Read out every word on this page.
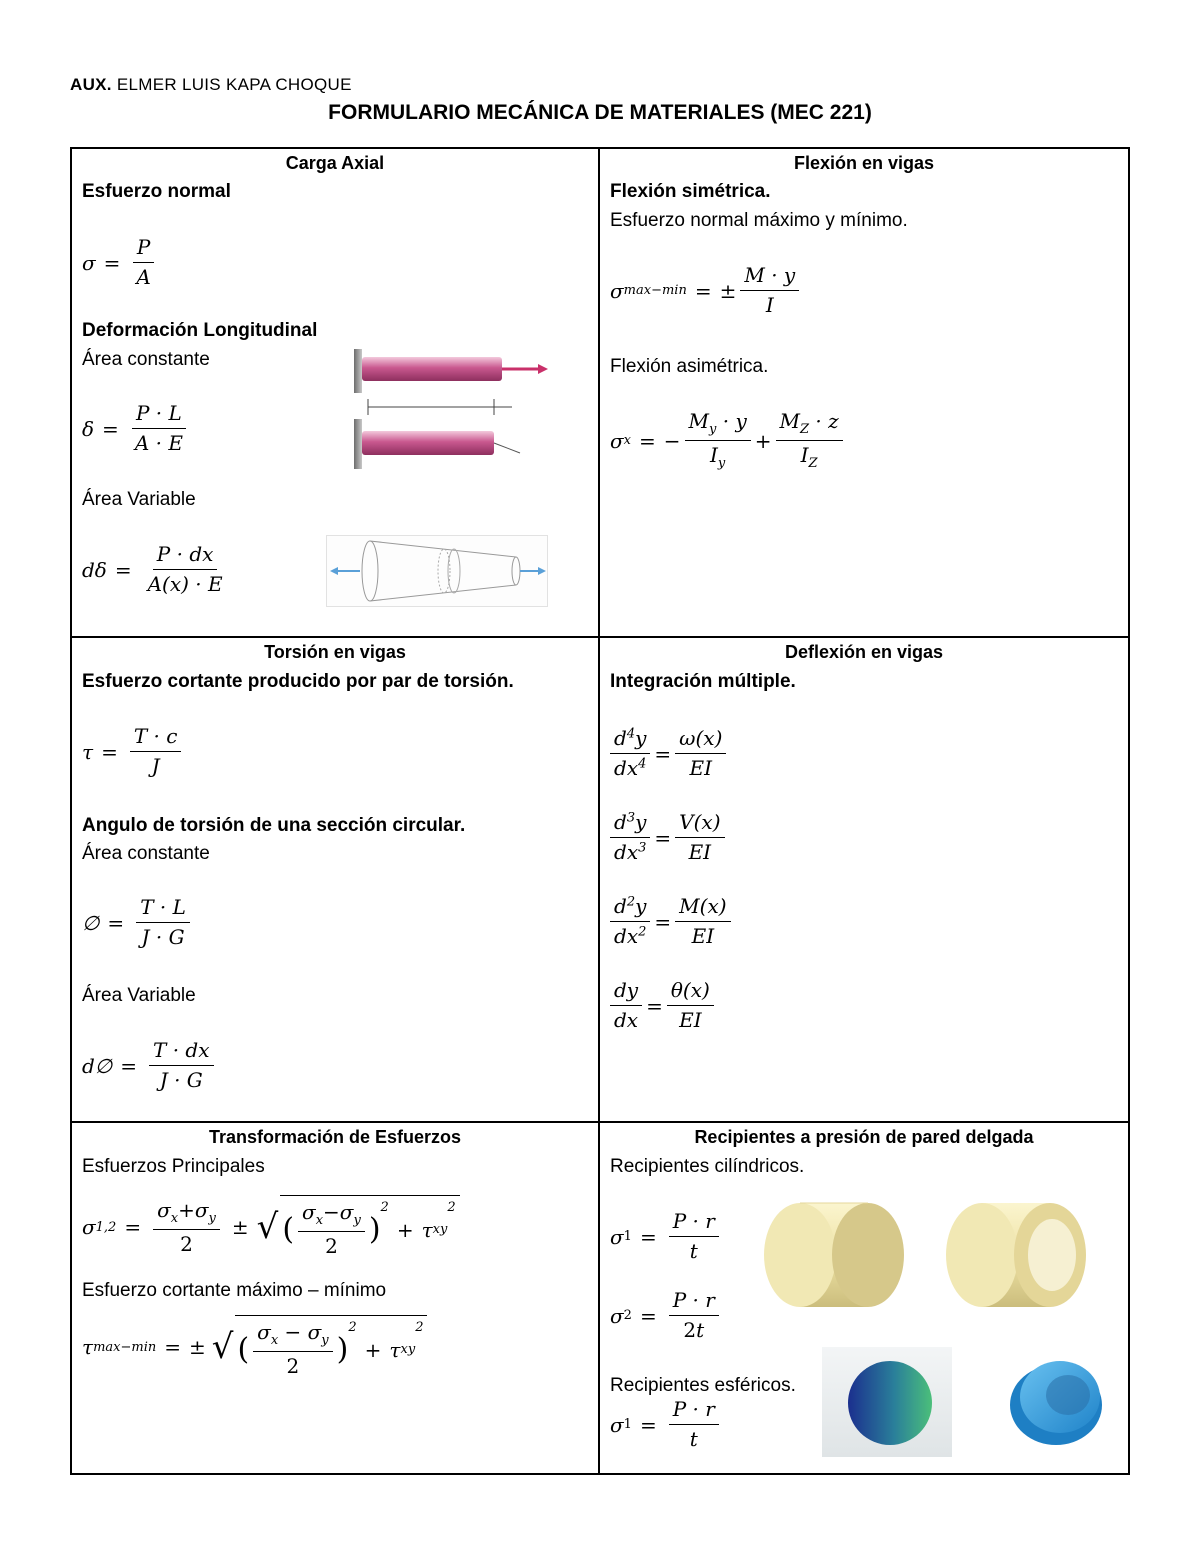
AUX. ELMER LUIS KAPA CHOQUE
FORMULARIO MECÁNICA DE MATERIALES (MEC 221)
Carga Axial
Esfuerzo normal
$\sigma = \frac{P}{A}$
Deformación Longitudinal
Área constante
$\delta = \frac{P \cdot L}{A \cdot E}$
Área Variable
$d\delta = \frac{P \cdot dx}{A(x) \cdot E}$
Flexión en vigas
Flexión simétrica.
Esfuerzo normal máximo y mínimo.
σ max−min = ± $\frac{M \cdot y}{I}$
Flexión asimétrica.
σ x = − $\frac{M_y \cdot y}{I_y} + \frac{M_Z \cdot z}{I_Z}$
Torsión en vigas
Esfuerzo cortante producido por par de torsión.
$\tau = \frac{T \cdot c}{J}$
Angulo de torsión de una sección circular.
Área constante
∅ = $\frac{T \cdot L}{J \cdot G}$
Área Variable
d∅ = $\frac{T \cdot dx}{J \cdot G}$
Deflexión en vigas
Integración múltiple.
$\frac{d^4y}{dx^4} = \frac{\omega(x)}{EI}$
$\frac{d^3y}{dx^3} = \frac{V(x)}{EI}$
$\frac{d^2y}{dx^2} = \frac{M(x)}{EI}$
$\frac{dy}{dx} = \frac{\theta(x)}{EI}$
Transformación de Esfuerzos
Esfuerzos Principales
σ $1,2 = \frac{\sigma_x+\sigma_y}{2}$ ± √ ( $\frac{\sigma_x-\sigma_y}{2}$ )
$^2$
+ τ xy
2
Esfuerzo cortante máximo – mínimo
τ max−min = ± √ ( $\frac{\sigma_x - \sigma_y}{2}$ )
$^2$
+ τ xy
2
Recipientes a presión de pared delgada
Recipientes cilíndricos.
σ $1 = \frac{P \cdot r}{t}$
σ $2 = \frac{P \cdot r}{2t}$
Recipientes esféricos.
σ $1 = \frac{P \cdot r}{t}$
